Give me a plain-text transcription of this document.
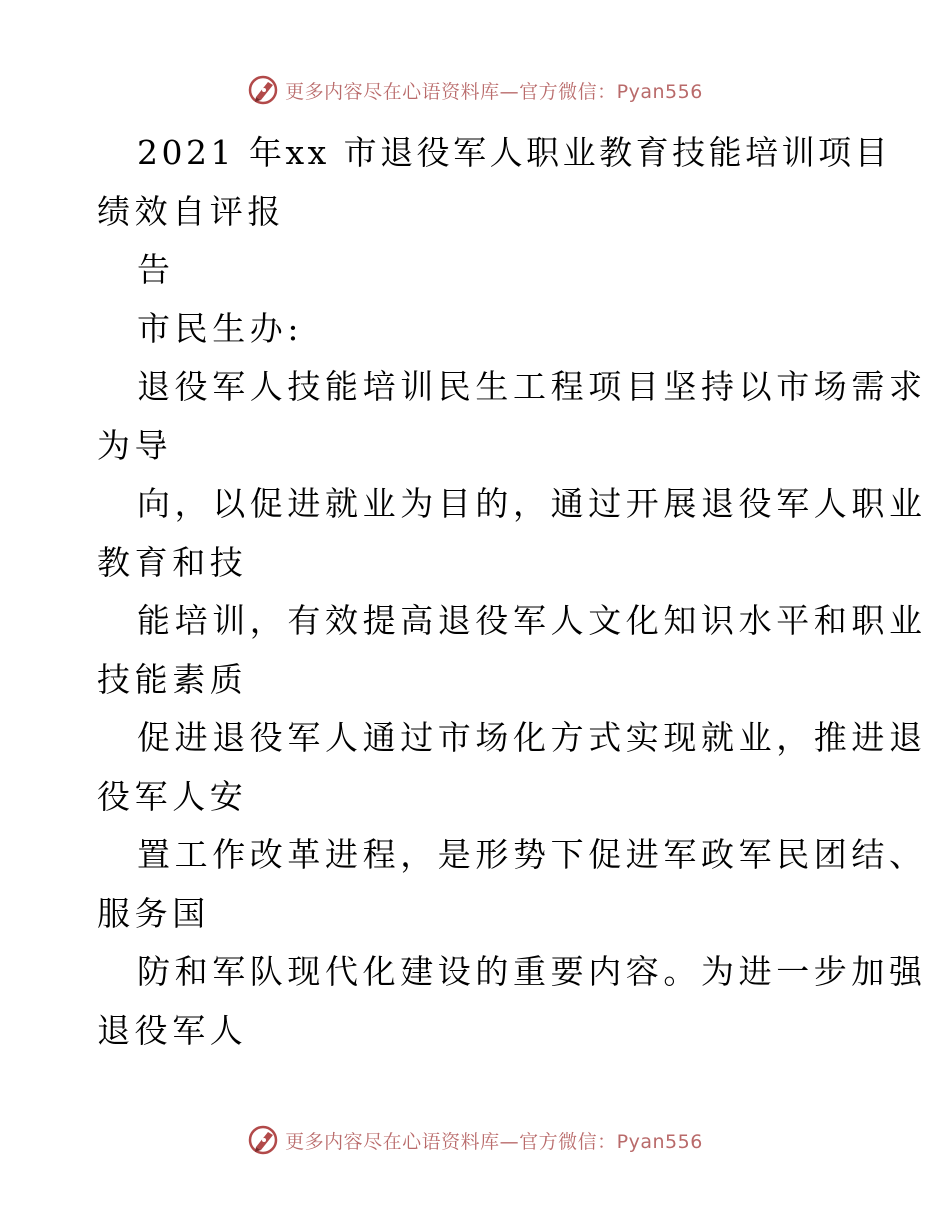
更多内容尽在心语资料库—官方微信：Pyan556
2021 年xx 市退役军人职业教育技能培训项目
绩效自评报
告
市民生办:
退役军人技能培训民生工程项目坚持以市场需求
为导
向，以促进就业为目的，通过开展退役军人职业
教育和技
能培训，有效提高退役军人文化知识水平和职业
技能素质
促进退役军人通过市场化方式实现就业，推进退
役军人安
置工作改革进程，是形势下促进军政军民团结、
服务国
防和军队现代化建设的重要内容。为进一步加强
退役军人
更多内容尽在心语资料库—官方微信：Pyan556
